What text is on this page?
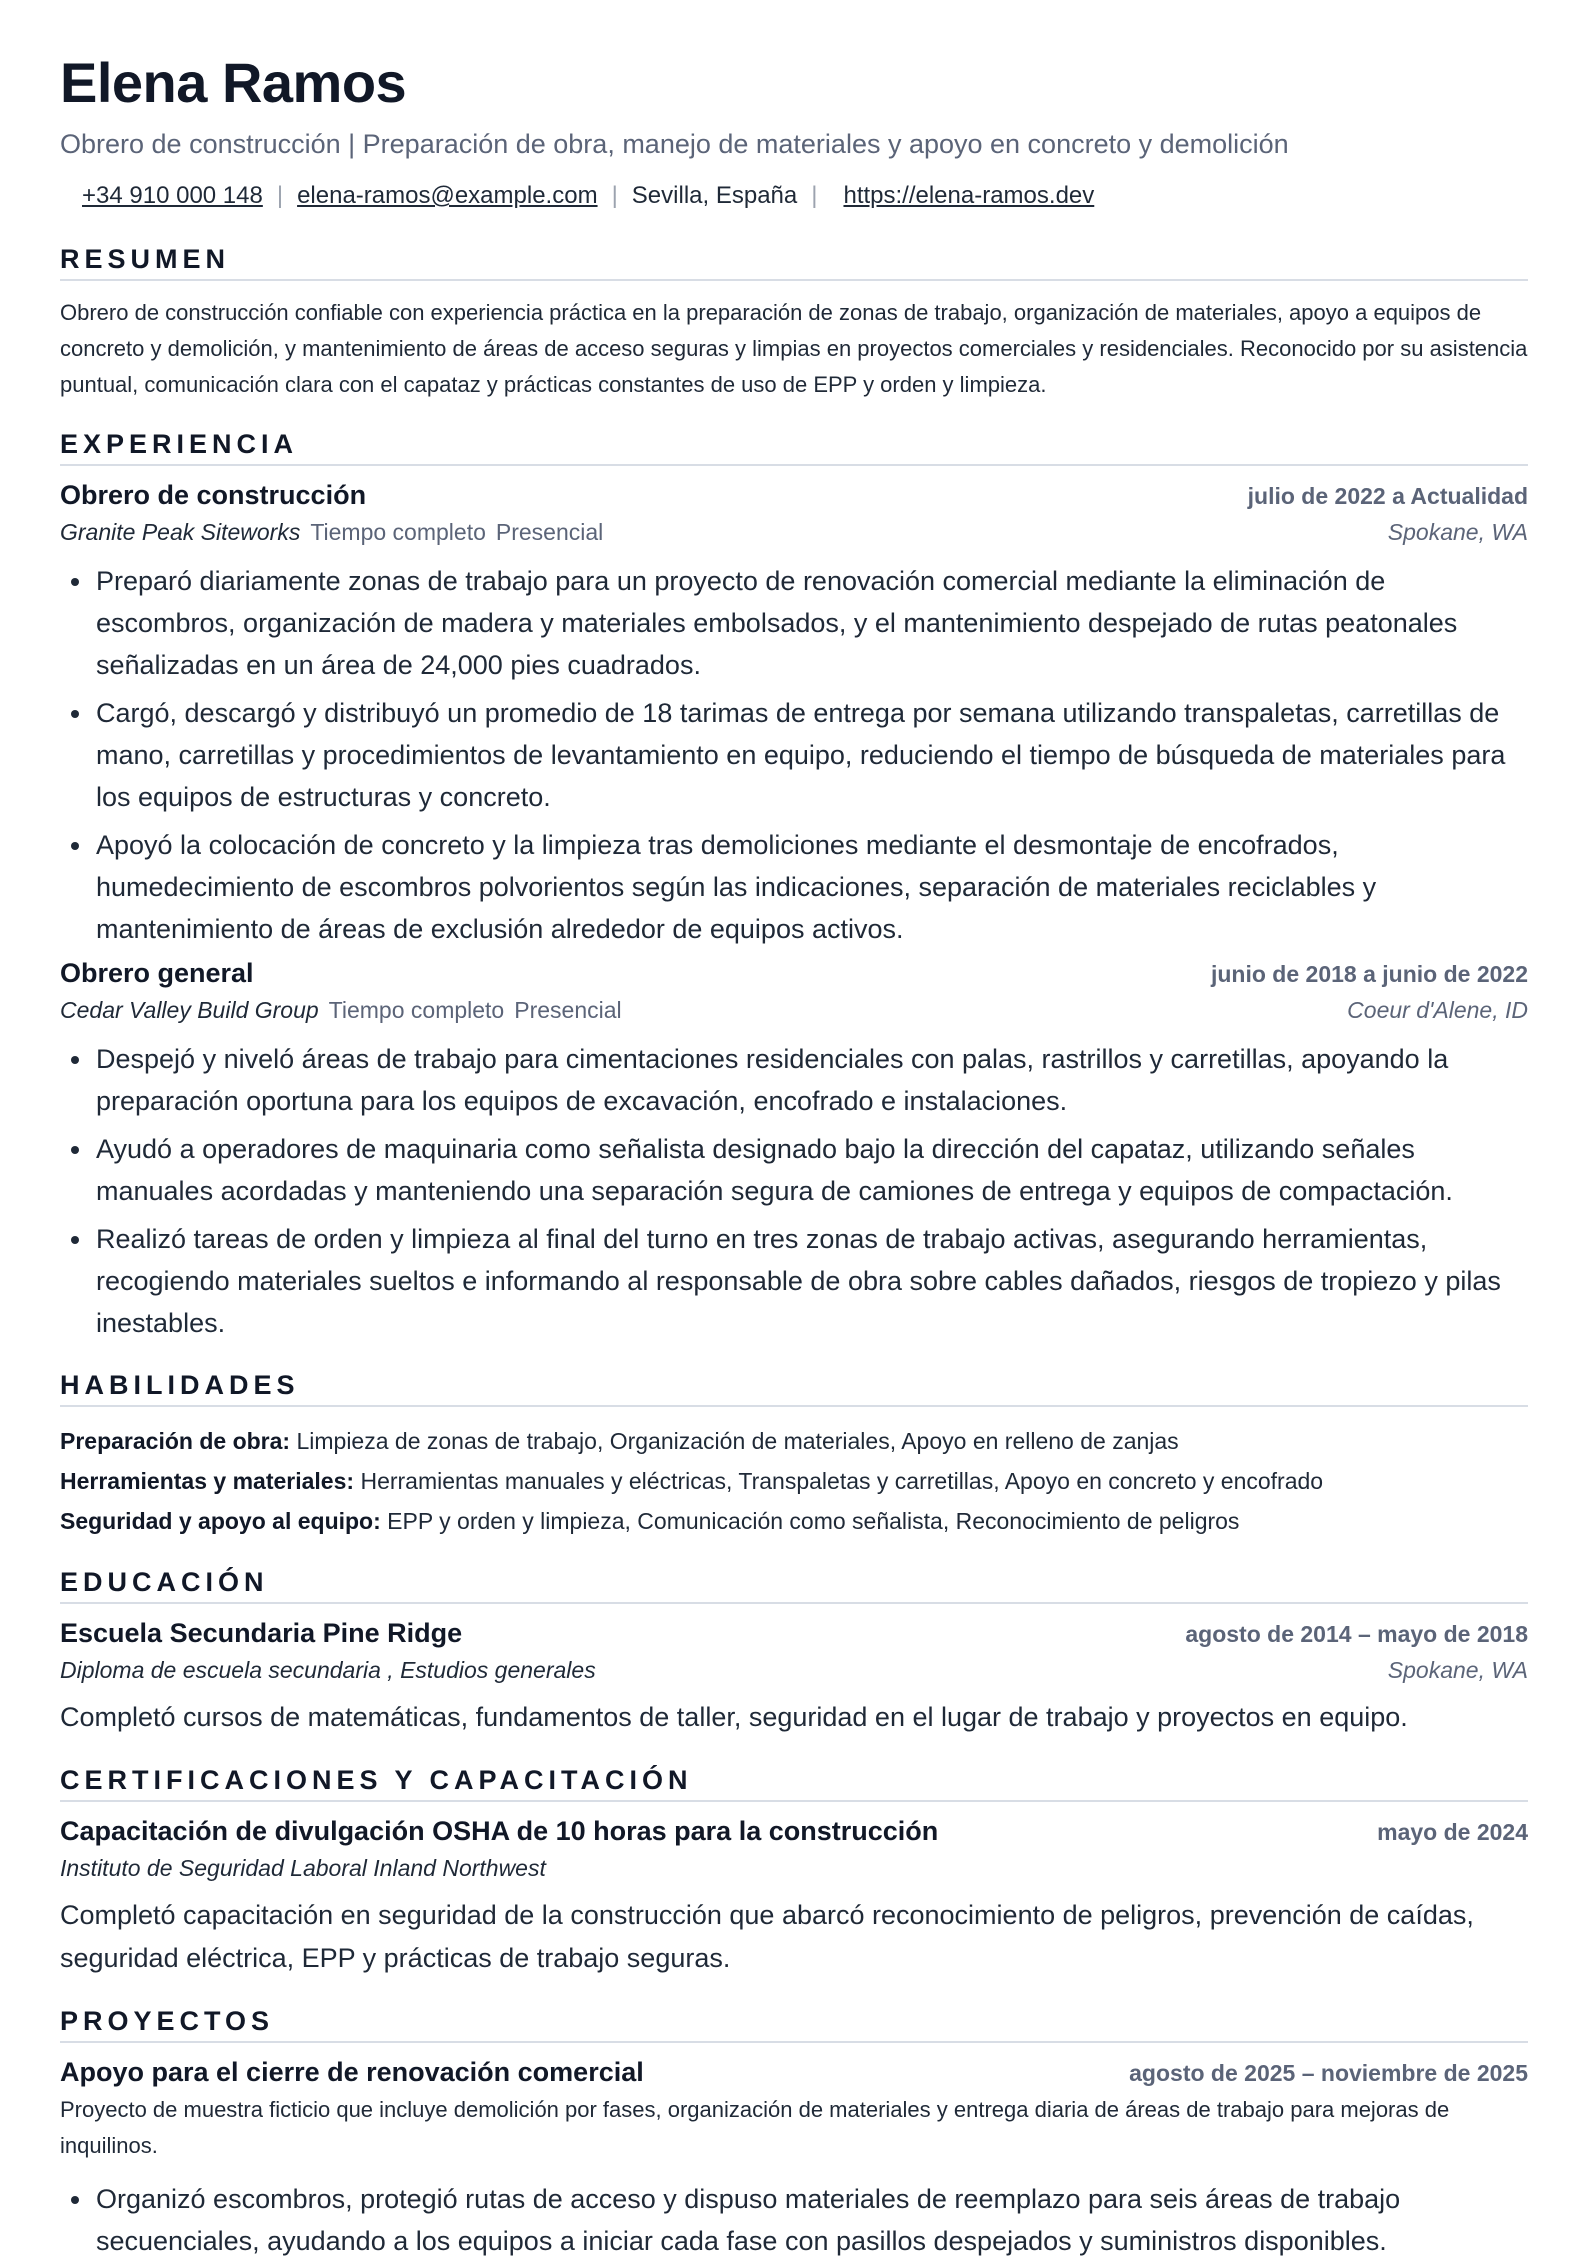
Elena Ramos
Obrero de construcción | Preparación de obra, manejo de materiales y apoyo en concreto y demolición
+34 910 000 148 | elena-ramos@example.com | Sevilla, España | https://elena-ramos.dev
RESUMEN
Obrero de construcción confiable con experiencia práctica en la preparación de zonas de trabajo, organización de materiales, apoyo a equipos de concreto y demolición, y mantenimiento de áreas de acceso seguras y limpias en proyectos comerciales y residenciales. Reconocido por su asistencia puntual, comunicación clara con el capataz y prácticas constantes de uso de EPP y orden y limpieza.
EXPERIENCIA
Obrero de construcción	julio de 2022 a Actualidad
Granite Peak Siteworks Tiempo completo Presencial	Spokane, WA
• Preparó diariamente zonas de trabajo para un proyecto de renovación comercial mediante la eliminación de escombros, organización de madera y materiales embolsados, y el mantenimiento despejado de rutas peatonales señalizadas en un área de 24,000 pies cuadrados.
• Cargó, descargó y distribuyó un promedio de 18 tarimas de entrega por semana utilizando transpaletas, carretillas de mano, carretillas y procedimientos de levantamiento en equipo, reduciendo el tiempo de búsqueda de materiales para los equipos de estructuras y concreto.
• Apoyó la colocación de concreto y la limpieza tras demoliciones mediante el desmontaje de encofrados, humedecimiento de escombros polvorientos según las indicaciones, separación de materiales reciclables y mantenimiento de áreas de exclusión alrededor de equipos activos.
Obrero general	junio de 2018 a junio de 2022
Cedar Valley Build Group Tiempo completo Presencial	Coeur d'Alene, ID
• Despejó y niveló áreas de trabajo para cimentaciones residenciales con palas, rastrillos y carretillas, apoyando la preparación oportuna para los equipos de excavación, encofrado e instalaciones.
• Ayudó a operadores de maquinaria como señalista designado bajo la dirección del capataz, utilizando señales manuales acordadas y manteniendo una separación segura de camiones de entrega y equipos de compactación.
• Realizó tareas de orden y limpieza al final del turno en tres zonas de trabajo activas, asegurando herramientas, recogiendo materiales sueltos e informando al responsable de obra sobre cables dañados, riesgos de tropiezo y pilas inestables.
HABILIDADES
Preparación de obra: Limpieza de zonas de trabajo, Organización de materiales, Apoyo en relleno de zanjas
Herramientas y materiales: Herramientas manuales y eléctricas, Transpaletas y carretillas, Apoyo en concreto y encofrado
Seguridad y apoyo al equipo: EPP y orden y limpieza, Comunicación como señalista, Reconocimiento de peligros
EDUCACIÓN
Escuela Secundaria Pine Ridge	agosto de 2014 – mayo de 2018
Diploma de escuela secundaria , Estudios generales	Spokane, WA
Completó cursos de matemáticas, fundamentos de taller, seguridad en el lugar de trabajo y proyectos en equipo.
CERTIFICACIONES Y CAPACITACIÓN
Capacitación de divulgación OSHA de 10 horas para la construcción	mayo de 2024
Instituto de Seguridad Laboral Inland Northwest
Completó capacitación en seguridad de la construcción que abarcó reconocimiento de peligros, prevención de caídas, seguridad eléctrica, EPP y prácticas de trabajo seguras.
PROYECTOS
Apoyo para el cierre de renovación comercial	agosto de 2025 – noviembre de 2025
Proyecto de muestra ficticio que incluye demolición por fases, organización de materiales y entrega diaria de áreas de trabajo para mejoras de inquilinos.
• Organizó escombros, protegió rutas de acceso y dispuso materiales de reemplazo para seis áreas de trabajo secuenciales, ayudando a los equipos a iniciar cada fase con pasillos despejados y suministros disponibles.
